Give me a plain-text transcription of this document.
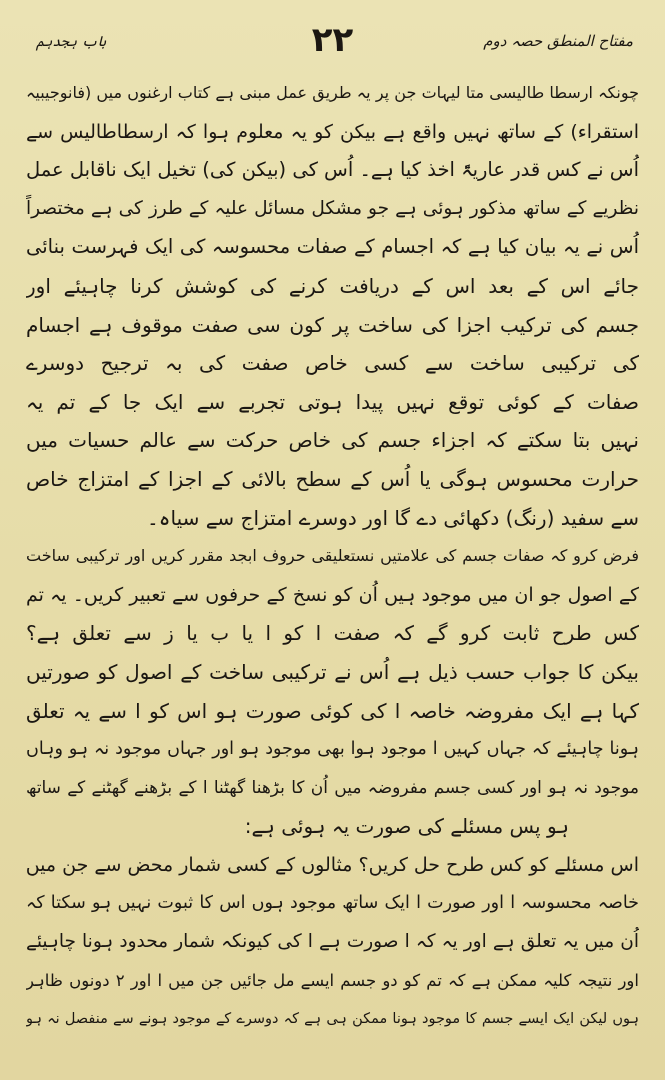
مفتاح المنطق حصہ دوم
۲۲
باب ہجدہم
چونکہ ارسطا طالیسی متا لیہات جن پر یہ طریق عمل مبنی ہے کتاب ارغنوں میں (فانوجیبیہ
استقراء) کے ساتھ نہیں واقع ہے بیکن کو یہ معلوم ہوا کہ ارسطاطالیس سے
اُس نے کس قدر عاریۃً اخذ کیا ہے۔ اُس کی (بیکن کی) تخیل ایک ناقابل عمل
نظریے کے ساتھ مذکور ہوئی ہے جو مشکل مسائل علیہ کے طرز کی ہے مختصراً
اُس نے یہ بیان کیا ہے کہ اجسام کے صفات محسوسہ کی ایک فہرست بنائی
جائے اس کے بعد اس کے دریافت کرنے کی کوشش کرنا چاہیئے اور
جسم کی ترکیب اجزا کی ساخت پر کون سی صفت موقوف ہے اجسام
کی ترکیبی ساخت سے کسی خاص صفت کی بہ ترجیح دوسرے
صفات کے کوئی توقع نہیں پیدا ہوتی تجربے سے ایک جا کے تم یہ
نہیں بتا سکتے کہ اجزاء جسم کی خاص حرکت سے عالم حسیات میں
حرارت محسوس ہوگی یا اُس کے سطح بالائی کے اجزا کے امتزاج خاص
سے سفید (رنگ) دکھائی دے گا اور دوسرے امتزاج سے سیاہ۔
فرض کرو کہ صفات جسم کی علامتیں نستعلیقی حروف ابجد مقرر کریں اور ترکیبی ساخت
کے اصول جو ان میں موجود ہیں اُن کو نسخ کے حرفوں سے تعبیر کریں۔ یہ تم
کس طرح ثابت کرو گے کہ صفت ا کو ا یا ب یا ز سے تعلق ہے؟
بیکن کا جواب حسب ذیل ہے اُس نے ترکیبی ساخت کے اصول کو صورتیں
کہا ہے ایک مفروضہ خاصہ ا کی کوئی صورت ہو اس کو ا سے یہ تعلق
ہونا چاہیئے کہ جہاں کہیں ا موجود ہوا بھی موجود ہو اور جہاں موجود نہ ہو وہاں
موجود نہ ہو اور کسی جسم مفروضہ میں اُن کا بڑھنا گھٹنا ا کے بڑھنے گھٹنے کے ساتھ
ہو پس مسئلے کی صورت یہ ہوئی ہے:
اس مسئلے کو کس طرح حل کریں؟ مثالوں کے کسی شمار محض سے جن میں
خاصہ محسوسہ ا اور صورت ا ایک ساتھ موجود ہوں اس کا ثبوت نہیں ہو سکتا کہ
اُن میں یہ تعلق ہے اور یہ کہ ا صورت ہے ا کی کیونکہ شمار محدود ہونا چاہیئے
اور نتیجہ کلیہ ممکن ہے کہ تم کو دو جسم ایسے مل جائیں جن میں ا اور ۲ دونوں ظاہر
ہوں لیکن ایک ایسے جسم کا موجود ہونا ممکن ہی ہے کہ دوسرے کے موجود ہونے سے منفصل نہ ہو
